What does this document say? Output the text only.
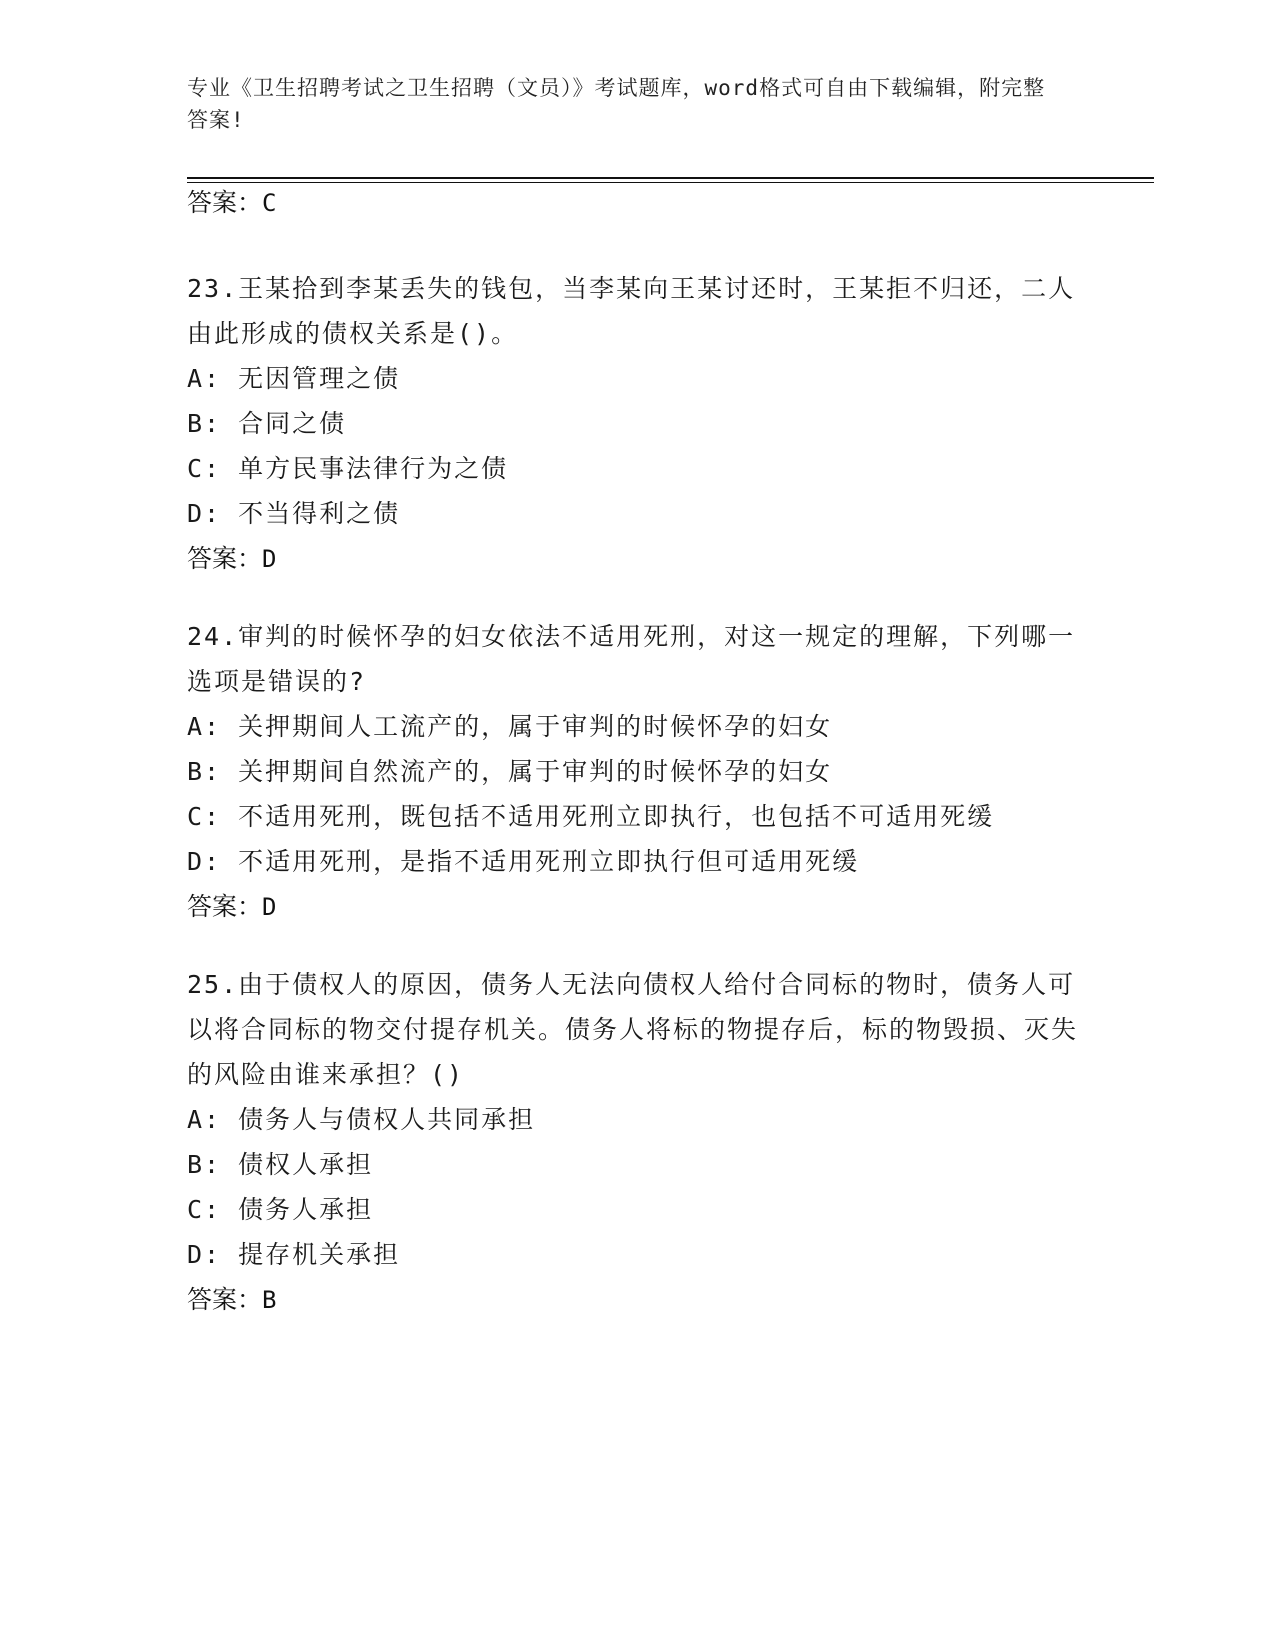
专业《卫生招聘考试之卫生招聘（文员）》考试题库，word格式可自由下载编辑，附完整答案!
答案：C

23.王某拾到李某丢失的钱包，当李某向王某讨还时，王某拒不归还，二人由此形成的债权关系是()。

A: 无因管理之债

B: 合同之债

C: 单方民事法律行为之债

D: 不当得利之债

答案：D

24.审判的时候怀孕的妇女依法不适用死刑，对这一规定的理解，下列哪一选项是错误的?

A: 关押期间人工流产的，属于审判的时候怀孕的妇女

B: 关押期间自然流产的，属于审判的时候怀孕的妇女

C: 不适用死刑，既包括不适用死刑立即执行，也包括不可适用死缓

D: 不适用死刑，是指不适用死刑立即执行但可适用死缓

答案：D

25.由于债权人的原因，债务人无法向债权人给付合同标的物时，债务人可以将合同标的物交付提存机关。债务人将标的物提存后，标的物毁损、灭失的风险由谁来承担？()

A: 债务人与债权人共同承担

B: 债权人承担

C: 债务人承担

D: 提存机关承担

答案：B
